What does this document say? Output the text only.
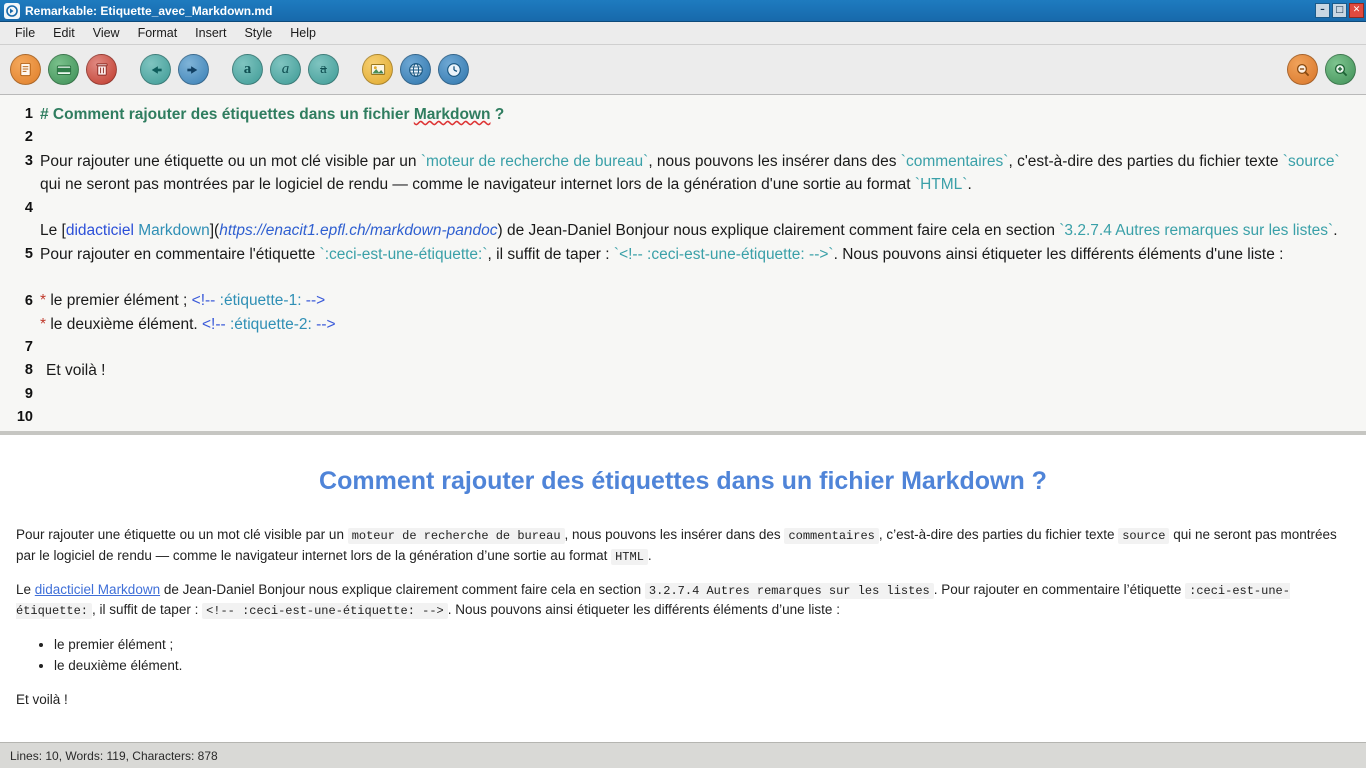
Remarkable: Etiquette_avec_Markdown.md	–	□ ✕
File	Edit	View	Format	Insert	Style	Help
a a a
1
2
3
4
5
6
7
8
9
10
# Comment rajouter des étiquettes dans un fichier Markdown ?

Pour rajouter une étiquette ou un mot clé visible par un `moteur de recherche de bureau`, nous pouvons les insérer dans des `commentaires`, c'est-à-dire des parties du fichier texte `source` qui ne seront pas montrées par le logiciel de rendu — comme le navigateur internet lors de la génération d'une sortie au format `HTML`.

Le [didacticiel Markdown](https://enacit1.epfl.ch/markdown-pandoc) de Jean-Daniel Bonjour nous explique clairement comment faire cela en section `3.2.7.4 Autres remarques sur les listes`. Pour rajouter en commentaire l'étiquette `:ceci-est-une-étiquette:`, il suffit de taper : `<!-- :ceci-est-une-étiquette: -->`. Nous pouvons ainsi étiqueter les différents éléments d'une liste :

* le premier élément ; <!-- :étiquette-1: -->
* le deuxième élément. <!-- :étiquette-2: -->

Et voilà !
Comment rajouter des étiquettes dans un fichier Markdown ?

Pour rajouter une étiquette ou un mot clé visible par un moteur de recherche de bureau , nous pouvons les insérer dans des commentaires , c’est-à-dire des parties du fichier texte source qui ne seront pas montrées par le logiciel de rendu — comme le navigateur internet lors de la génération d’une sortie au format HTML .

Le didacticiel Markdown de Jean-Daniel Bonjour nous explique clairement comment faire cela en section 3.2.7.4 Autres remarques sur les listes . Pour rajouter en commentaire l’étiquette :ceci-est-une-étiquette: , il suffit de taper : <!-- :ceci-est-une-étiquette: --> . Nous pouvons ainsi étiqueter les différents éléments d’une liste :

• le premier élément ;
• le deuxième élément.

Et voilà !

Lines: 10, Words: 119, Characters: 878
